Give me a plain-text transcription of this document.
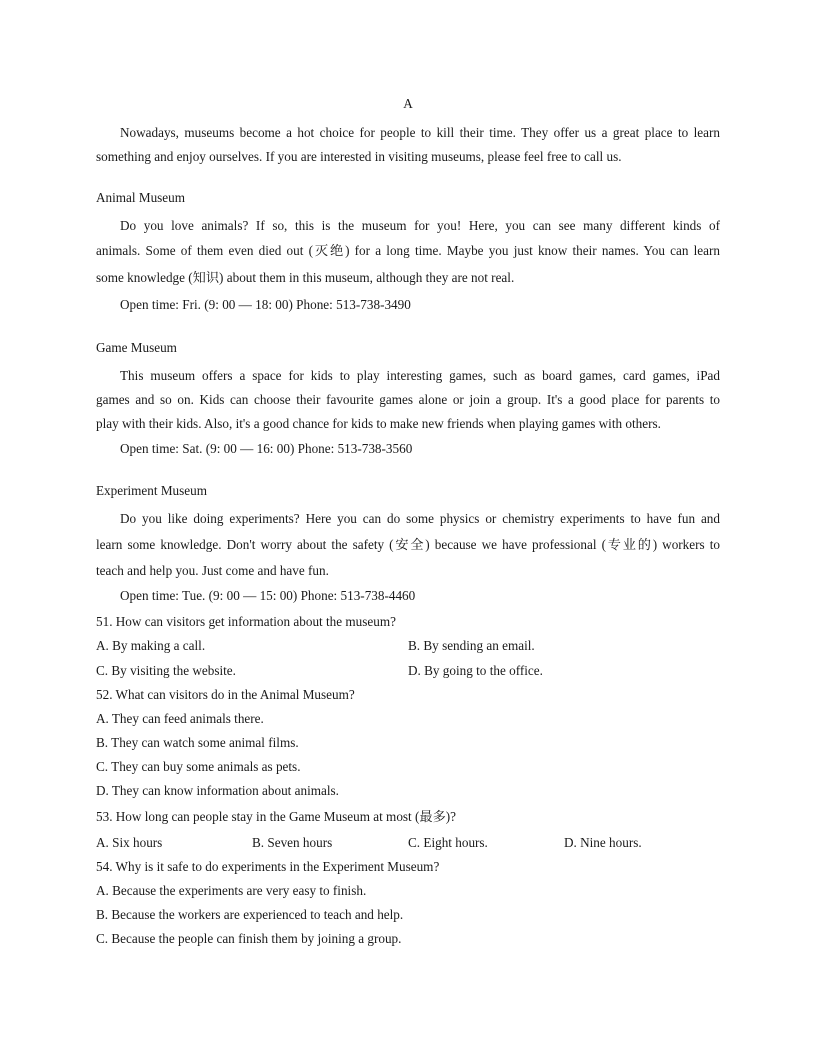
A
Nowadays, museums become a hot choice for people to kill their time. They offer us a great place to learn
something and enjoy ourselves. If you are interested in visiting museums, please feel free to call us.
Animal Museum
Do you love animals? If so, this is the museum for you! Here, you can see many different kinds of
animals. Some of them even died out (灭绝) for a long time. Maybe you just know their names. You can learn
some knowledge (知识) about them in this museum, although they are not real.
Open time: Fri. (9: 00 — 18: 00) Phone: 513-738-3490
Game Museum
This museum offers a space for kids to play interesting games, such as board games, card games, iPad
games and so on. Kids can choose their favourite games alone or join a group. It's a good place for parents to
play with their kids. Also, it's a good chance for kids to make new friends when playing games with others.
Open time: Sat. (9: 00 — 16: 00) Phone: 513-738-3560
Experiment Museum
Do you like doing experiments? Here you can do some physics or chemistry experiments to have fun and
learn some knowledge. Don't worry about the safety (安全) because we have professional (专业的) workers to
teach and help you. Just come and have fun.
Open time: Tue. (9: 00 — 15: 00) Phone: 513-738-4460
51. How can visitors get information about the museum?
A. By making a call.	B. By sending an email.
C. By visiting the website.	D. By going to the office.
52. What can visitors do in the Animal Museum?
A. They can feed animals there.
B. They can watch some animal films.
C. They can buy some animals as pets.
D. They can know information about animals.
53. How long can people stay in the Game Museum at most (最多)?
A. Six hours	B. Seven hours	C. Eight hours.	D. Nine hours.
54. Why is it safe to do experiments in the Experiment Museum?
A. Because the experiments are very easy to finish.
B. Because the workers are experienced to teach and help.
C. Because the people can finish them by joining a group.
